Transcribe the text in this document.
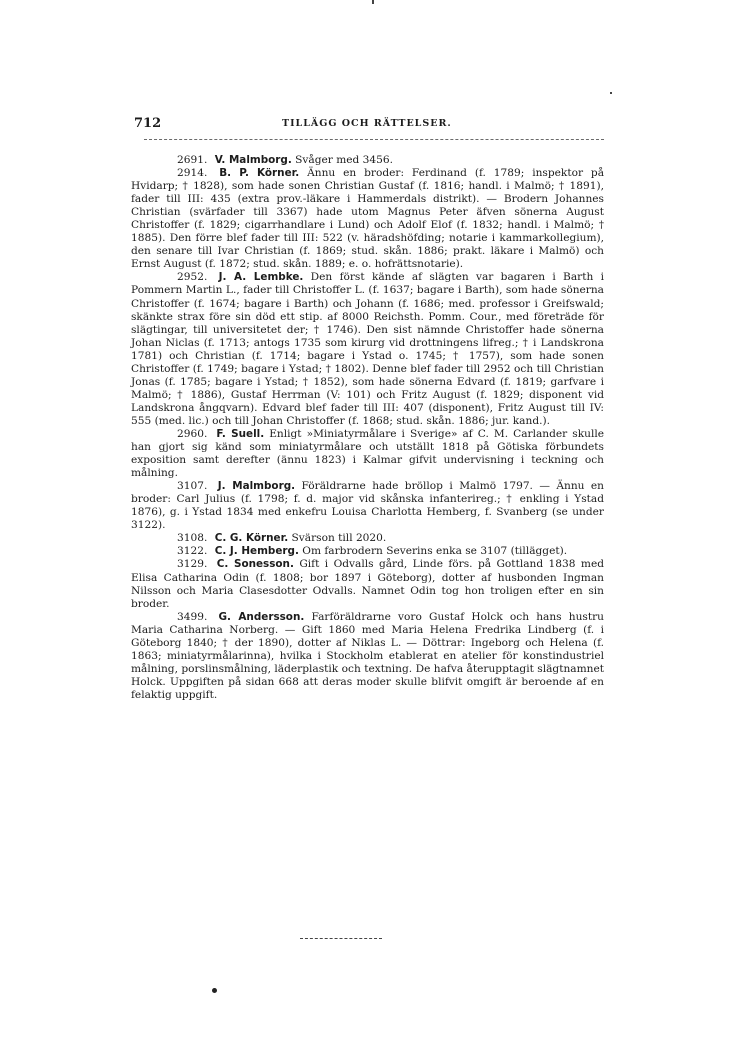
712	TILLÄGG OCH RÄTTELSER.

2691. V. Malmborg. Svåger med 3456.

2914. B. P. Körner. Ännu en broder: Ferdinand (f. 1789; inspektor på Hvidarp; † 1828), som hade sonen Christian Gustaf (f. 1816; handl. i Malmö; † 1891), fader till III: 435 (extra prov.-läkare i Hammerdals distrikt). — Brodern Johannes Christian (svärfader till 3367) hade utom Magnus Peter äfven sönerna August Christoffer (f. 1829; cigarrhandlare i Lund) och Adolf Elof (f. 1832; handl. i Malmö; † 1885). Den förre blef fader till III: 522 (v. häradshöfding; notarie i kammarkollegium), den senare till Ivar Christian (f. 1869; stud. skån. 1886; prakt. läkare i Malmö) och Ernst August (f. 1872; stud. skån. 1889; e. o. hofrättsnotarie).

2952. J. A. Lembke. Den först kände af slägten var bagaren i Barth i Pommern Martin L., fader till Christoffer L. (f. 1637; bagare i Barth), som hade sönerna Christoffer (f. 1674; bagare i Barth) och Johann (f. 1686; med. professor i Greifswald; skänkte strax före sin död ett stip. af 8000 Reichsth. Pomm. Cour., med företräde för slägtingar, till universitetet der; † 1746). Den sist nämnde Christoffer hade sönerna Johan Niclas (f. 1713; antogs 1735 som kirurg vid drottningens lifreg.; † i Landskrona 1781) och Christian (f. 1714; bagare i Ystad o. 1745; † 1757), som hade sonen Christoffer (f. 1749; bagare i Ystad; † 1802). Denne blef fader till 2952 och till Christian Jonas (f. 1785; bagare i Ystad; † 1852), som hade sönerna Edvard (f. 1819; garfvare i Malmö; † 1886), Gustaf Herrman (V: 101) och Fritz August (f. 1829; disponent vid Landskrona ångqvarn). Edvard blef fader till III: 407 (disponent), Fritz August till IV: 555 (med. lic.) och till Johan Christoffer (f. 1868; stud. skån. 1886; jur. kand.).

2960. F. Suell. Enligt »Miniatyrmålare i Sverige» af C. M. Carlander skulle han gjort sig känd som miniatyrmålare och utställt 1818 på Götiska förbundets exposition samt derefter (ännu 1823) i Kalmar gifvit undervisning i teckning och målning.

3107. J. Malmborg. Föräldrarne hade bröllop i Malmö 1797. — Ännu en broder: Carl Julius (f. 1798; f. d. major vid skånska infanterireg.; † enkling i Ystad 1876), g. i Ystad 1834 med enkefru Louisa Charlotta Hemberg, f. Svanberg (se under 3122).

3108. C. G. Körner. Svärson till 2020.

3122. C. J. Hemberg. Om farbrodern Severins enka se 3107 (tillägget).

3129. C. Sonesson. Gift i Odvalls gård, Linde förs. på Gottland 1838 med Elisa Catharina Odin (f. 1808; bor 1897 i Göteborg), dotter af husbonden Ingman Nilsson och Maria Clasesdotter Odvalls. Namnet Odin tog hon troligen efter en sin broder.

3499. G. Andersson. Farföräldrarne voro Gustaf Holck och hans hustru Maria Catharina Norberg. — Gift 1860 med Maria Helena Fredrika Lindberg (f. i Göteborg 1840; † der 1890), dotter af Niklas L. — Döttrar: Ingeborg och Helena (f. 1863; miniatyrmålarinna), hvilka i Stockholm etablerat en atelier för konstindustriel målning, porslinsmålning, läderplastik och textning. De hafva återupptagit slägtnamnet Holck. Uppgiften på sidan 668 att deras moder skulle blifvit omgift är beroende af en felaktig uppgift.
